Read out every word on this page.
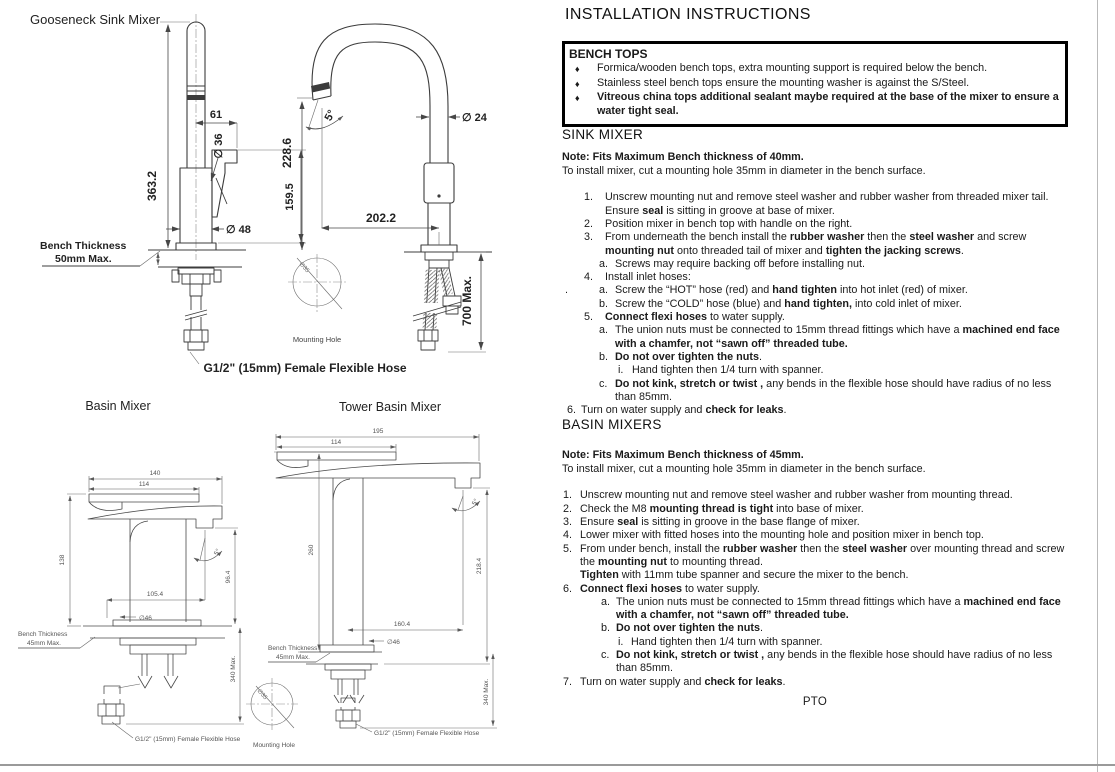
Gooseneck Sink Mixer
363.2
61
∅ 36
159.5
∅ 48
Bench Thickness
50mm Max.
228.6
5°	∅ 24
202.2
700 Max.
∅35
Mounting Hole
G1/2" (15mm) Female Flexible Hose
Basin Mixer
5°
140
114
138
96.4
105.4
∅46
340 Max.
Bench Thickness
45mm Max.
G1/2" (15mm) Female Flexible Hose
Tower Basin Mixer
5°
195
114
260
218.4
160.4
∅46
340 Max.
Bench Thickness
45mm Max.
G1/2" (15mm) Female Flexible Hose
∅35
Mounting Hole
INSTALLATION INSTRUCTIONS
BENCH TOPS
♦	Formica/wooden bench tops, extra mounting support is required below the bench.
♦	Stainless steel bench tops ensure the mounting washer is against the S/Steel.
♦	Vitreous china tops additional sealant maybe required at the base of the mixer to ensure a water tight seal.
SINK MIXER
Note: Fits Maximum Bench thickness of 40mm.
To install mixer, cut a mounting hole 35mm in diameter in the bench surface.
1.	Unscrew mounting nut and remove steel washer and rubber washer from threaded mixer tail. Ensure seal is sitting in groove at base of mixer.
2.	Position mixer in bench top with handle on the right.
3.	From underneath the bench install the rubber washer then the steel washer and screw mounting nut onto threaded tail of mixer and tighten the jacking screws.
a. Screws may require backing off before installing nut.
4.	Install inlet hoses:
.	a. Screw the “HOT” hose (red) and hand tighten into hot inlet (red) of mixer.
b. Screw the “COLD” hose (blue) and hand tighten, into cold inlet of mixer.
5.	Connect flexi hoses to water supply.
a. The union nuts must be connected to 15mm thread fittings which have a machined end face with a chamfer, not “sawn off” threaded tube.
b. Do not over tighten the nuts.
i. Hand tighten then 1/4 turn with spanner.
c. Do not kink, stretch or twist , any bends in the flexible hose should have radius of no less than 85mm.
6. Turn on water supply and check for leaks.
BASIN MIXERS
Note: Fits Maximum Bench thickness of 45mm.
To install mixer, cut a mounting hole 35mm in diameter in the bench surface.
1. Unscrew mounting nut and remove steel washer and rubber washer from mounting thread.
2. Check the M8 mounting thread is tight into base of mixer.
3. Ensure seal is sitting in groove in the base flange of mixer.
4. Lower mixer with fitted hoses into the mounting hole and position mixer in bench top.
5. From under bench, install the rubber washer then the steel washer over mounting thread and screw the mounting nut to mounting thread.
Tighten with 11mm tube spanner and secure the mixer to the bench.
6. Connect flexi hoses to water supply.
a. The union nuts must be connected to 15mm thread fittings which have a machined end face with a chamfer, not “sawn off” threaded tube.
b. Do not over tighten the nuts.
i. Hand tighten then 1/4 turn with spanner.
c. Do not kink, stretch or twist , any bends in the flexible hose should have radius of no less than 85mm.
7. Turn on water supply and check for leaks.
PTO
